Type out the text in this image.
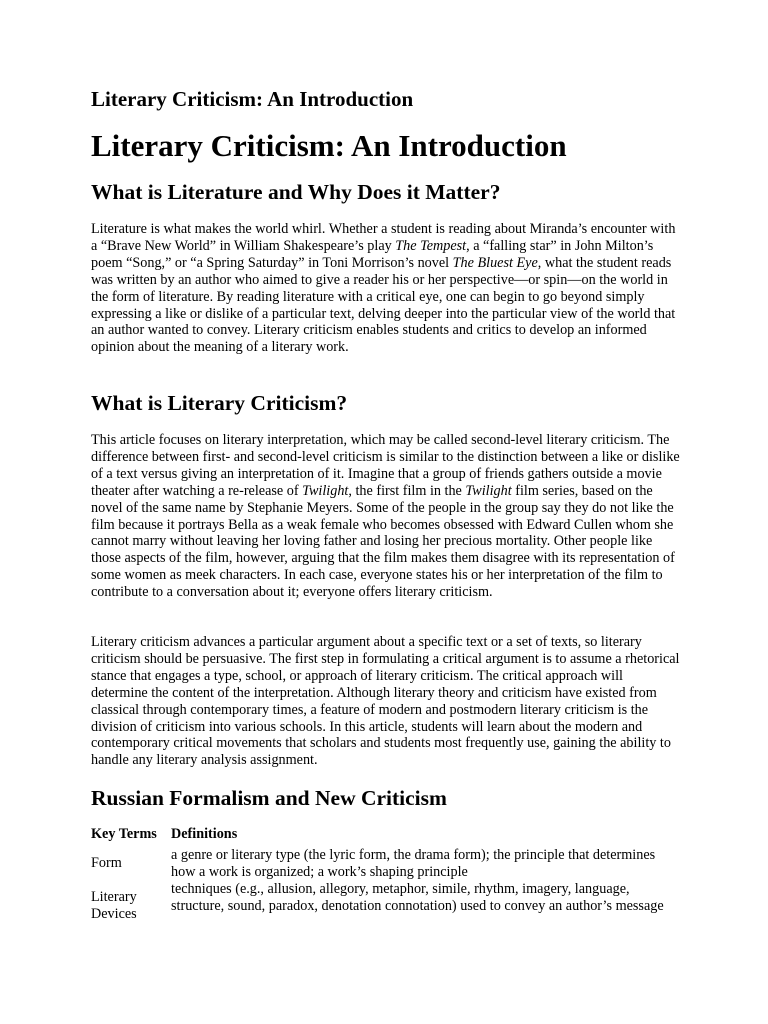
Literary Criticism: An Introduction
Literary Criticism: An Introduction
What is Literature and Why Does it Matter?

Literature is what makes the world whirl. Whether a student is reading about Miranda’s encounter with a “Brave New World” in William Shakespeare’s play The Tempest, a “falling star” in John Milton’s poem “Song,” or “a Spring Saturday” in Toni Morrison’s novel The Bluest Eye, what the student reads was written by an author who aimed to give a reader his or her perspective—or spin—on the world in the form of literature. By reading literature with a critical eye, one can begin to go beyond simply expressing a like or dislike of a particular text, delving deeper into the particular view of the world that an author wanted to convey. Literary criticism enables students and critics to develop an informed opinion about the meaning of a literary work.

What is Literary Criticism?

This article focuses on literary interpretation, which may be called second-level literary criticism. The difference between first- and second-level criticism is similar to the distinction between a like or dislike of a text versus giving an interpretation of it. Imagine that a group of friends gathers outside a movie theater after watching a re-release of Twilight, the first film in the Twilight film series, based on the novel of the same name by Stephanie Meyers. Some of the people in the group say they do not like the film because it portrays Bella as a weak female who becomes obsessed with Edward Cullen whom she cannot marry without leaving her loving father and losing her precious mortality. Other people like those aspects of the film, however, arguing that the film makes them disagree with its representation of some women as meek characters. In each case, everyone states his or her interpretation of the film to contribute to a conversation about it; everyone offers literary criticism.

Literary criticism advances a particular argument about a specific text or a set of texts, so literary criticism should be persuasive. The first step in formulating a critical argument is to assume a rhetorical stance that engages a type, school, or approach of literary criticism. The critical approach will determine the content of the interpretation. Although literary theory and criticism have existed from classical through contemporary times, a feature of modern and postmodern literary criticism is the division of criticism into various schools. In this article, students will learn about the modern and contemporary critical movements that scholars and students most frequently use, gaining the ability to handle any literary analysis assignment.

Russian Formalism and New Criticism
Key Terms Definitions
Form	a genre or literary type (the lyric form, the drama form); the principle that determines how a work is organized; a work’s shaping principle
Literary Devices
techniques (e.g., allusion, allegory, metaphor, simile, rhythm, imagery, language, structure, sound, paradox, denotation connotation) used to convey an author’s message
